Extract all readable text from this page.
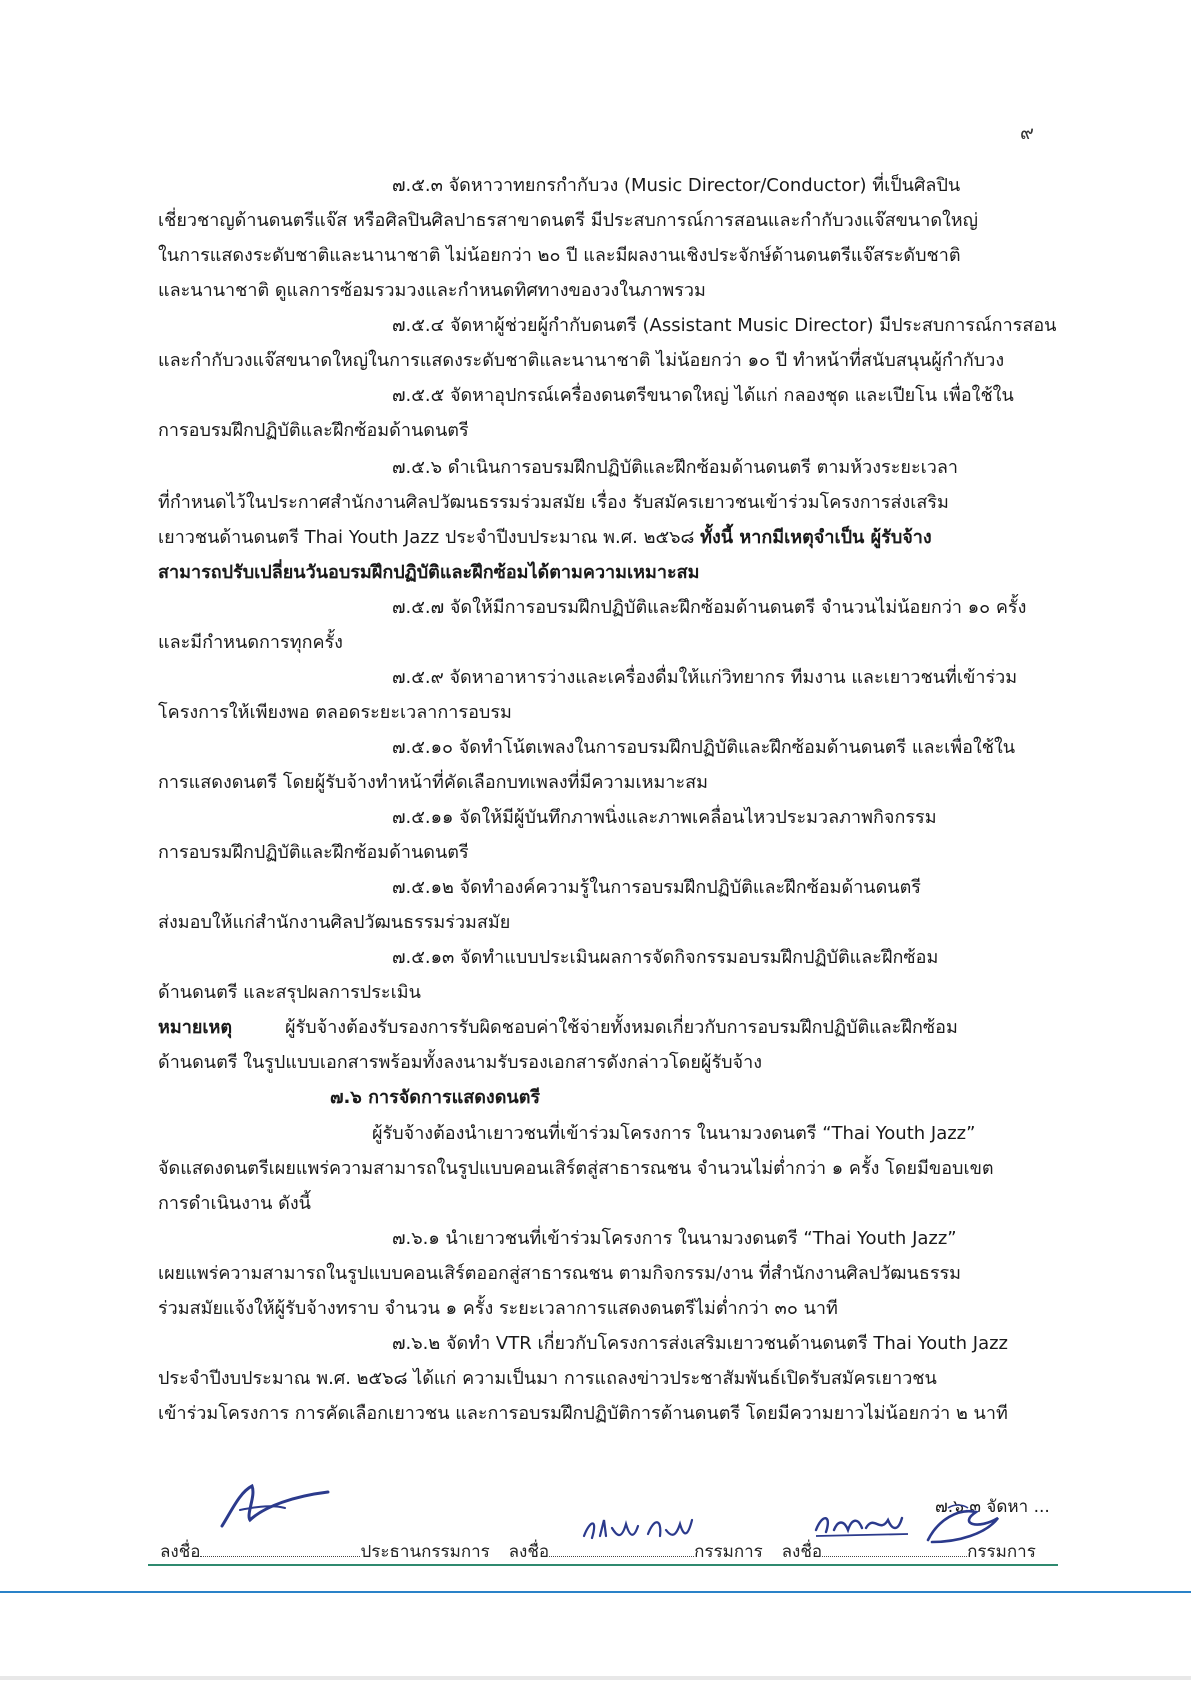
๙
๗.๕.๓ จัดหาวาทยกรกำกับวง (Music Director/Conductor) ที่เป็นศิลปิน
เชี่ยวชาญด้านดนตรีแจ๊ส หรือศิลปินศิลปาธรสาขาดนตรี มีประสบการณ์การสอนและกำกับวงแจ๊สขนาดใหญ่
ในการแสดงระดับชาติและนานาชาติ ไม่น้อยกว่า ๒๐ ปี และมีผลงานเชิงประจักษ์ด้านดนตรีแจ๊สระดับชาติ
และนานาชาติ ดูแลการซ้อมรวมวงและกำหนดทิศทางของวงในภาพรวม
๗.๕.๔ จัดหาผู้ช่วยผู้กำกับดนตรี (Assistant Music Director) มีประสบการณ์การสอน
และกำกับวงแจ๊สขนาดใหญ่ในการแสดงระดับชาติและนานาชาติ ไม่น้อยกว่า ๑๐ ปี ทำหน้าที่สนับสนุนผู้กำกับวง
๗.๕.๕ จัดหาอุปกรณ์เครื่องดนตรีขนาดใหญ่ ได้แก่ กลองชุด และเปียโน เพื่อใช้ใน
การอบรมฝึกปฏิบัติและฝึกซ้อมด้านดนตรี
๗.๕.๖ ดำเนินการอบรมฝึกปฏิบัติและฝึกซ้อมด้านดนตรี ตามห้วงระยะเวลา
ที่กำหนดไว้ในประกาศสำนักงานศิลปวัฒนธรรมร่วมสมัย เรื่อง รับสมัครเยาวชนเข้าร่วมโครงการส่งเสริม
เยาวชนด้านดนตรี Thai Youth Jazz ประจำปีงบประมาณ พ.ศ. ๒๕๖๘ ทั้งนี้ หากมีเหตุจำเป็น ผู้รับจ้าง
สามารถปรับเปลี่ยนวันอบรมฝึกปฏิบัติและฝึกซ้อมได้ตามความเหมาะสม
๗.๕.๗ จัดให้มีการอบรมฝึกปฏิบัติและฝึกซ้อมด้านดนตรี จำนวนไม่น้อยกว่า ๑๐ ครั้ง
และมีกำหนดการทุกครั้ง
๗.๕.๙ จัดหาอาหารว่างและเครื่องดื่มให้แก่วิทยากร ทีมงาน และเยาวชนที่เข้าร่วม
โครงการให้เพียงพอ ตลอดระยะเวลาการอบรม
๗.๕.๑๐ จัดทำโน้ตเพลงในการอบรมฝึกปฏิบัติและฝึกซ้อมด้านดนตรี และเพื่อใช้ใน
การแสดงดนตรี โดยผู้รับจ้างทำหน้าที่คัดเลือกบทเพลงที่มีความเหมาะสม
๗.๕.๑๑ จัดให้มีผู้บันทึกภาพนิ่งและภาพเคลื่อนไหวประมวลภาพกิจกรรม
การอบรมฝึกปฏิบัติและฝึกซ้อมด้านดนตรี
๗.๕.๑๒ จัดทำองค์ความรู้ในการอบรมฝึกปฏิบัติและฝึกซ้อมด้านดนตรี
ส่งมอบให้แก่สำนักงานศิลปวัฒนธรรมร่วมสมัย
๗.๕.๑๓ จัดทำแบบประเมินผลการจัดกิจกรรมอบรมฝึกปฏิบัติและฝึกซ้อม
ด้านดนตรี และสรุปผลการประเมิน
หมายเหตุ	ผู้รับจ้างต้องรับรองการรับผิดชอบค่าใช้จ่ายทั้งหมดเกี่ยวกับการอบรมฝึกปฏิบัติและฝึกซ้อม
ด้านดนตรี ในรูปแบบเอกสารพร้อมทั้งลงนามรับรองเอกสารดังกล่าวโดยผู้รับจ้าง
๗.๖ การจัดการแสดงดนตรี
ผู้รับจ้างต้องนำเยาวชนที่เข้าร่วมโครงการ ในนามวงดนตรี “Thai Youth Jazz”
จัดแสดงดนตรีเผยแพร่ความสามารถในรูปแบบคอนเสิร์ตสู่สาธารณชน จำนวนไม่ต่ำกว่า ๑ ครั้ง โดยมีขอบเขต
การดำเนินงาน ดังนี้
๗.๖.๑ นำเยาวชนที่เข้าร่วมโครงการ ในนามวงดนตรี “Thai Youth Jazz”
เผยแพร่ความสามารถในรูปแบบคอนเสิร์ตออกสู่สาธารณชน ตามกิจกรรม/งาน ที่สำนักงานศิลปวัฒนธรรม
ร่วมสมัยแจ้งให้ผู้รับจ้างทราบ จำนวน ๑ ครั้ง ระยะเวลาการแสดงดนตรีไม่ต่ำกว่า ๓๐ นาที
๗.๖.๒ จัดทำ VTR เกี่ยวกับโครงการส่งเสริมเยาวชนด้านดนตรี Thai Youth Jazz
ประจำปีงบประมาณ พ.ศ. ๒๕๖๘ ได้แก่ ความเป็นมา การแถลงข่าวประชาสัมพันธ์เปิดรับสมัครเยาวชน
เข้าร่วมโครงการ การคัดเลือกเยาวชน และการอบรมฝึกปฏิบัติการด้านดนตรี โดยมีความยาวไม่น้อยกว่า ๒ นาที
๗.๖.๓ จัดหา ...
ลงชื่อ	ประธานกรรมการ ลงชื่อ	กรรมการ ลงชื่อ	กรรมการ
